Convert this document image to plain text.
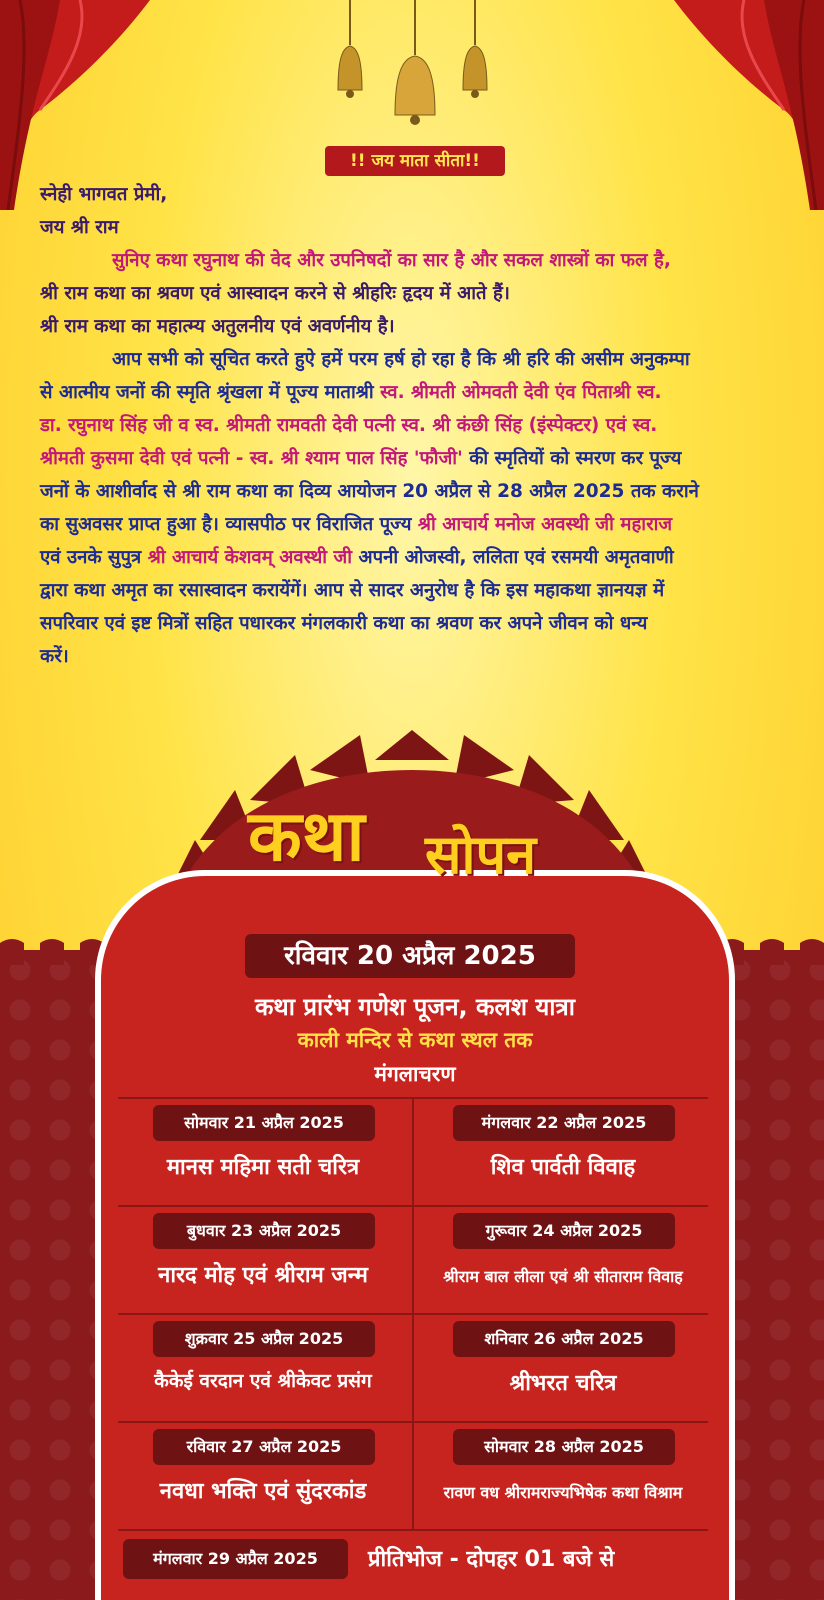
!! जय माता सीता!!

स्नेही भागवत प्रेमी,

जय श्री राम

सुनिए कथा रघुनाथ की वेद और उपनिषदों का सार है और सकल शास्त्रों का फल है,

श्री राम कथा का श्रवण एवं आस्वादन करने से श्रीहरिः हृदय में आते हैं।

श्री राम कथा का महात्म्य अतुलनीय एवं अवर्णनीय है।

आप सभी को सूचित करते हुऐ हमें परम हर्ष हो रहा है कि श्री हरि की असीम अनुकम्पा

से आत्मीय जनों की स्मृति श्रृंखला में पूज्य माताश्री स्व. श्रीमती ओमवती देवी एंव पिताश्री स्व.

डा. रघुनाथ सिंह जी व स्व. श्रीमती रामवती देवी पत्नी स्व. श्री कंछी सिंह (इंस्पेक्टर) एवं स्व.

श्रीमती कुसमा देवी एवं पत्नी - स्व. श्री श्याम पाल सिंह 'फौजी' की स्मृतियों को स्मरण कर पूज्य

जनों के आशीर्वाद से श्री राम कथा का दिव्य आयोजन 20 अप्रैल से 28 अप्रैल 2025 तक कराने

का सुअवसर प्राप्त हुआ है। व्यासपीठ पर विराजित पूज्य श्री आचार्य मनोज अवस्थी जी महाराज

एवं उनके सुपुत्र श्री आचार्य केशवम् अवस्थी जी अपनी ओजस्वी, ललिता एवं रसमयी अमृतवाणी

द्वारा कथा अमृत का रसास्वादन करायेंगें। आप से सादर अनुरोध है कि इस महाकथा ज्ञानयज्ञ में

सपरिवार एवं इष्ट मित्रों सहित पधारकर मंगलकारी कथा का श्रवण कर अपने जीवन को धन्य

करें।

कथा सोपन
रविवार 20 अप्रैल 2025
कथा प्रारंभ गणेश पूजन, कलश यात्रा
काली मन्दिर से कथा स्थल तक
मंगलाचरण
सोमवार 21 अप्रैल 2025
मानस महिमा सती चरित्र
मंगलवार 22 अप्रैल 2025
शिव पार्वती विवाह
बुधवार 23 अप्रैल 2025
नारद मोह एवं श्रीराम जन्म
गुरूवार 24 अप्रैल 2025
श्रीराम बाल लीला एवं श्री सीताराम विवाह
शुक्रवार 25 अप्रैल 2025
कैकेई वरदान एवं श्रीकेवट प्रसंग
शनिवार 26 अप्रैल 2025
श्रीभरत चरित्र
रविवार 27 अप्रैल 2025
नवधा भक्ति एवं सुंदरकांड
सोमवार 28 अप्रैल 2025
रावण वध श्रीरामराज्यभिषेक कथा विश्राम
मंगलवार 29 अप्रैल 2025	प्रीतिभोज - दोपहर 01 बजे से
